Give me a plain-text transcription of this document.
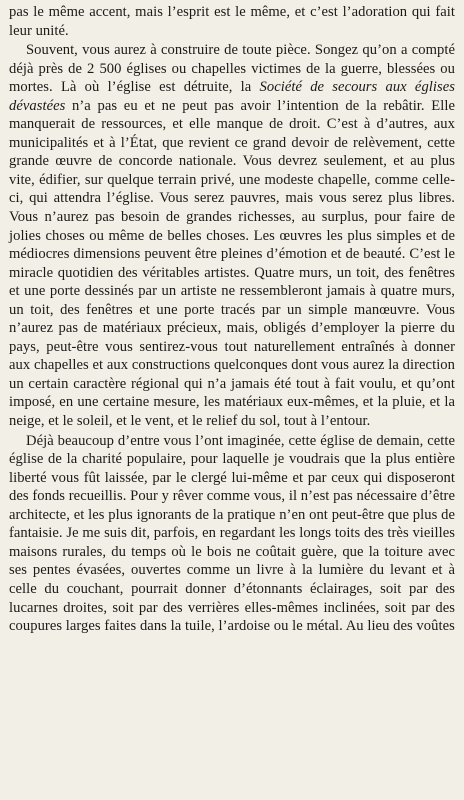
pas le même accent, mais l’esprit est le même, et c’est l’adoration qui fait leur unité.

Souvent, vous aurez à construire de toute pièce. Songez qu’on a compté déjà près de 2 500 églises ou chapelles victimes de la guerre, blessées ou mortes. Là où l’église est détruite, la Société de secours aux églises dévastées n’a pas eu et ne peut pas avoir l’intention de la rebâtir. Elle manquerait de ressources, et elle manque de droit. C’est à d’autres, aux municipalités et à l’État, que revient ce grand devoir de relèvement, cette grande œuvre de concorde nationale. Vous devrez seulement, et au plus vite, édifier, sur quelque terrain privé, une modeste chapelle, comme celle-ci, qui attendra l’église. Vous serez pauvres, mais vous serez plus libres. Vous n’aurez pas besoin de grandes richesses, au surplus, pour faire de jolies choses ou même de belles choses. Les œuvres les plus simples et de médiocres dimensions peuvent être pleines d’émotion et de beauté. C’est le miracle quotidien des véritables artistes. Quatre murs, un toit, des fenêtres et une porte dessinés par un artiste ne ressembleront jamais à quatre murs, un toit, des fenêtres et une porte tracés par un simple manœuvre. Vous n’aurez pas de matériaux précieux, mais, obligés d’employer la pierre du pays, peut-être vous sentirez-vous tout naturellement entraînés à donner aux chapelles et aux constructions quelconques dont vous aurez la direction un certain caractère régional qui n’a jamais été tout à fait voulu, et qu’ont imposé, en une certaine mesure, les matériaux eux-mêmes, et la pluie, et la neige, et le soleil, et le vent, et le relief du sol, tout à l’entour.

Déjà beaucoup d’entre vous l’ont imaginée, cette église de demain, cette église de la charité populaire, pour laquelle je voudrais que la plus entière liberté vous fût laissée, par le clergé lui-même et par ceux qui disposeront des fonds recueillis. Pour y rêver comme vous, il n’est pas nécessaire d’être architecte, et les plus ignorants de la pratique n’en ont peut-être que plus de fantaisie. Je me suis dit, parfois, en regardant les longs toits des très vieilles maisons rurales, du temps où le bois ne coûtait guère, que la toiture avec ses pentes évasées, ouvertes comme un livre à la lumière du levant et à celle du couchant, pourrait donner d’étonnants éclairages, soit par des lucarnes droites, soit par des verrières elles-mêmes inclinées, soit par des coupures larges faites dans la tuile, l’ardoise ou le métal. Au lieu des voûtes
